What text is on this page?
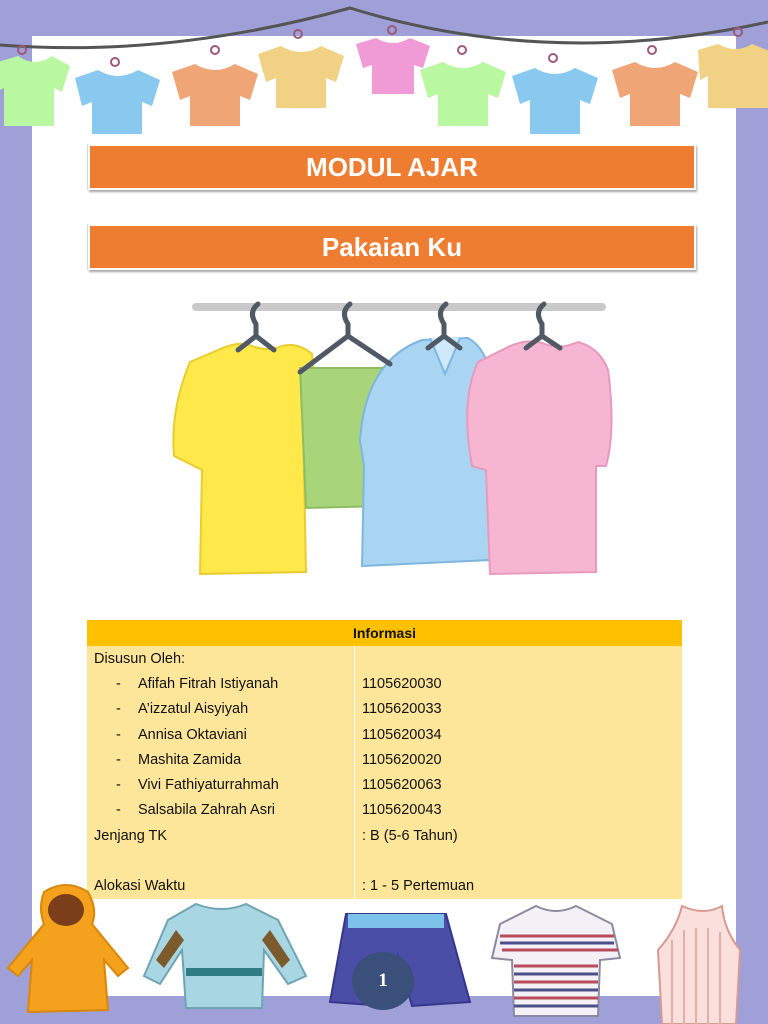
MODUL AJAR
Pakaian Ku
Informasi	
Disusun Oleh:	
- Afifah Fitrah Istiyanah	1105620030
- A’izzatul Aisyiyah	1105620033
- Annisa Oktaviani	1105620034
- Mashita Zamida	1105620020
- Vivi Fathiyaturrahmah	1105620063
- Salsabila Zahrah Asri	1105620043
Jenjang TK	: B (5-6 Tahun)

Alokasi Waktu	: 1 - 5 Pertemuan
1
